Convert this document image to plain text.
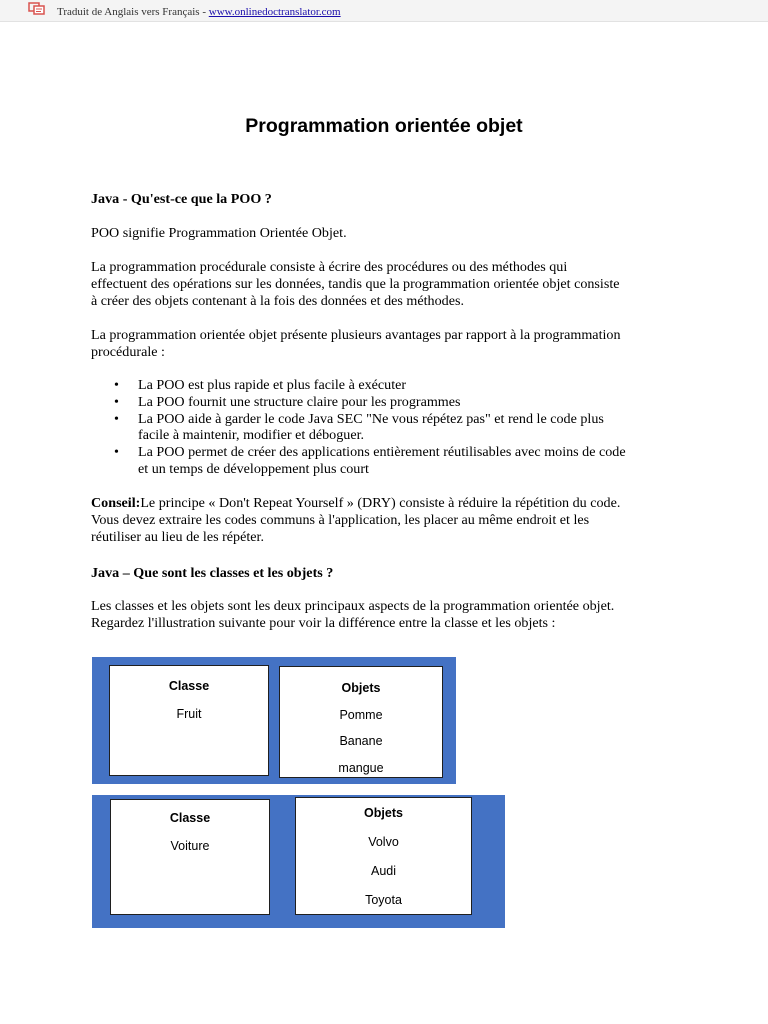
Traduit de Anglais vers Français - www.onlinedoctranslator.com
Programmation orientée objet

Java - Qu'est-ce que la POO ?

POO signifie Programmation Orientée Objet.

La programmation procédurale consiste à écrire des procédures ou des méthodes qui
effectuent des opérations sur les données, tandis que la programmation orientée objet consiste
à créer des objets contenant à la fois des données et des méthodes.

La programmation orientée objet présente plusieurs avantages par rapport à la programmation
procédurale :

• La POO est plus rapide et plus facile à exécuter
• La POO fournit une structure claire pour les programmes
• La POO aide à garder le code Java SEC "Ne vous répétez pas" et rend le code plus
facile à maintenir, modifier et déboguer.
• La POO permet de créer des applications entièrement réutilisables avec moins de code
et un temps de développement plus court

Conseil:Le principe « Don't Repeat Yourself » (DRY) consiste à réduire la répétition du code.
Vous devez extraire les codes communs à l'application, les placer au même endroit et les
réutiliser au lieu de les répéter.

Java – Que sont les classes et les objets ?

Les classes et les objets sont les deux principaux aspects de la programmation orientée objet.
Regardez l'illustration suivante pour voir la différence entre la classe et les objets :

Classe
Fruit
Objets
Pomme
Banane
mangue
Classe
Voiture
Objets
Volvo
Audi
Toyota
